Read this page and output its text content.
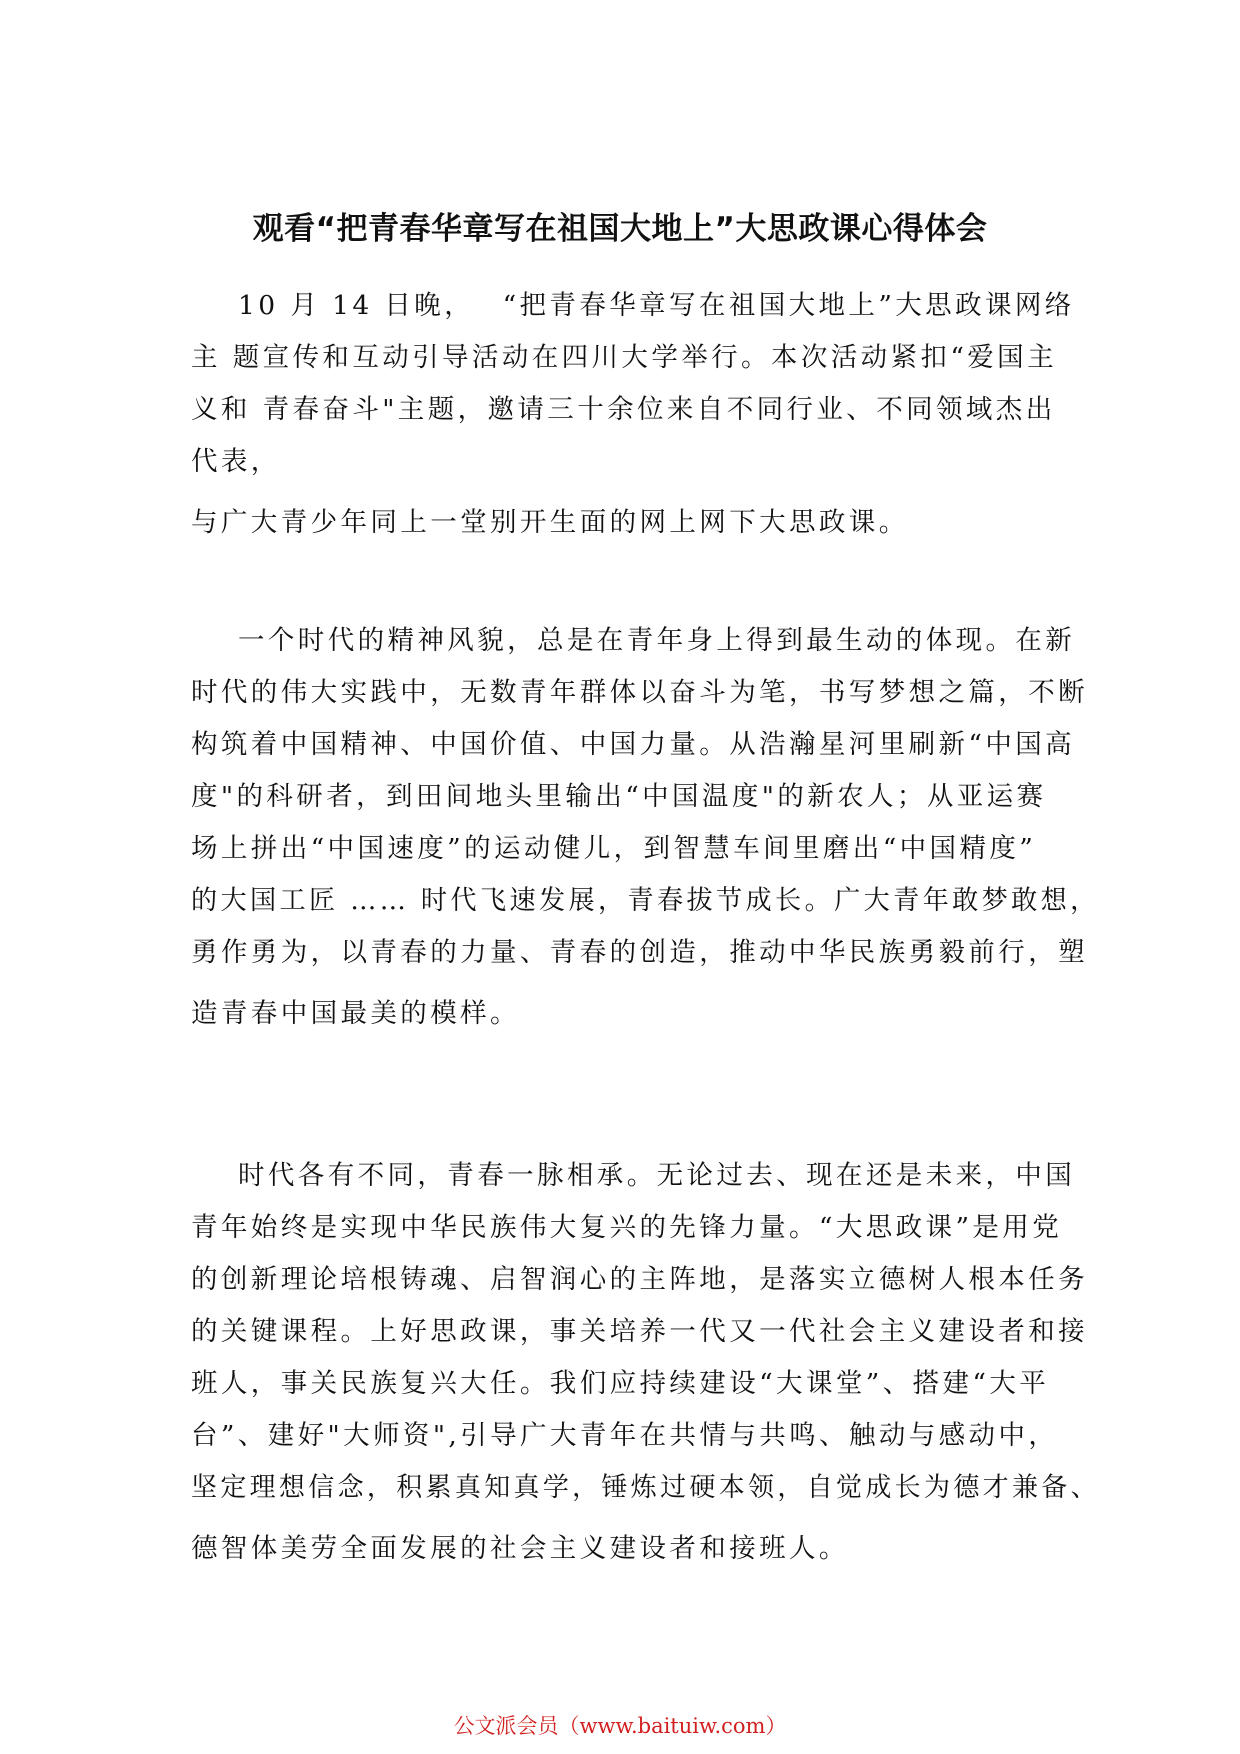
观看“把青春华章写在祖国大地上”大思政课心得体会
10 月 14 日晚，　 “把青春华章写在祖国大地上”大思政课网络
主 题宣传和互动引导活动在四川大学举行。本次活动紧扣“爱国主
义和 青春奋斗"主题，邀请三十余位来自不同行业、不同领域杰出
代表，
与广大青少年同上一堂别开生面的网上网下大思政课。
一个时代的精神风貌，总是在青年身上得到最生动的体现。在新
时代的伟大实践中，无数青年群体以奋斗为笔，书写梦想之篇，不断
构筑着中国精神、中国价值、中国力量。从浩瀚星河里刷新“中国高
度"的科研者，到田间地头里输出“中国温度"的新农人；从亚运赛
场上拼出“中国速度”的运动健儿，到智慧车间里磨出“中国精度”
的大国工匠 …… 时代飞速发展，青春拔节成长。广大青年敢梦敢想，
勇作勇为，以青春的力量、青春的创造，推动中华民族勇毅前行，塑
造青春中国最美的模样。
时代各有不同，青春一脉相承。无论过去、现在还是未来，中国
青年始终是实现中华民族伟大复兴的先锋力量。“大思政课”是用党
的创新理论培根铸魂、启智润心的主阵地，是落实立德树人根本任务
的关键课程。上好思政课，事关培养一代又一代社会主义建设者和接
班人，事关民族复兴大任。我们应持续建设“大课堂”、搭建“大平
台”、建好"大师资",引导广大青年在共情与共鸣、触动与感动中，
坚定理想信念，积累真知真学，锤炼过硬本领，自觉成长为德才兼备、
德智体美劳全面发展的社会主义建设者和接班人。
公文派会员（www.baituiw.com）
